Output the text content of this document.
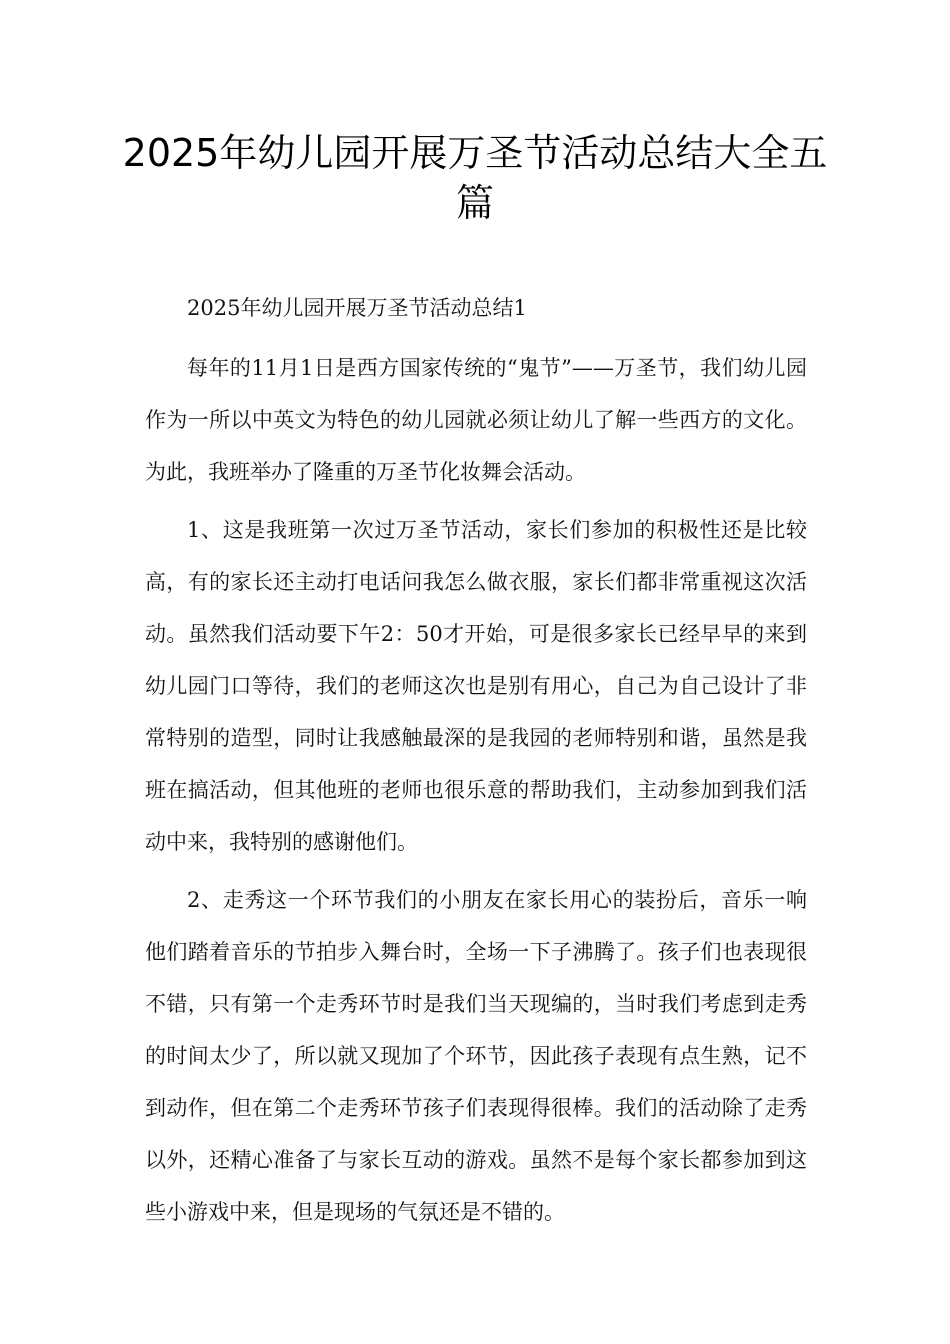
2025年幼儿园开展万圣节活动总结大全五篇

2025年幼儿园开展万圣节活动总结1

每年的11月1日是西方国家传统的“鬼节”——万圣节，我们幼儿园作为一所以中英文为特色的幼儿园就必须让幼儿了解一些西方的文化。为此，我班举办了隆重的万圣节化妆舞会活动。

1、这是我班第一次过万圣节活动，家长们参加的积极性还是比较高，有的家长还主动打电话问我怎么做衣服，家长们都非常重视这次活动。虽然我们活动要下午2：50才开始，可是很多家长已经早早的来到幼儿园门口等待，我们的老师这次也是别有用心，自己为自己设计了非常特别的造型，同时让我感触最深的是我园的老师特别和谐，虽然是我班在搞活动，但其他班的老师也很乐意的帮助我们，主动参加到我们活动中来，我特别的感谢他们。

2、走秀这一个环节我们的小朋友在家长用心的装扮后，音乐一响他们踏着音乐的节拍步入舞台时，全场一下子沸腾了。孩子们也表现很不错，只有第一个走秀环节时是我们当天现编的，当时我们考虑到走秀的时间太少了，所以就又现加了个环节，因此孩子表现有点生熟，记不到动作，但在第二个走秀环节孩子们表现得很棒。我们的活动除了走秀以外，还精心准备了与家长互动的游戏。虽然不是每个家长都参加到这些小游戏中来，但是现场的气氛还是不错的。
